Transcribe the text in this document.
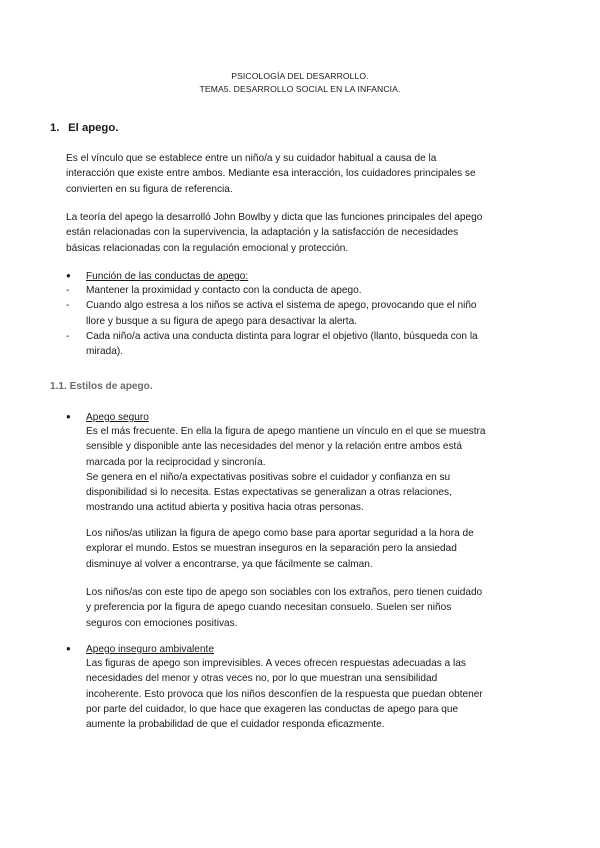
PSICOLOGÍA DEL DESARROLLO.
TEMA5. DESARROLLO SOCIAL EN LA INFANCIA.
1. El apego.
Es el vínculo que se establece entre un niño/a y su cuidador habitual a causa de la
interacción que existe entre ambos. Mediante esa interacción, los cuidadores principales se
convierten en su figura de referencia.
La teoría del apego la desarrolló John Bowlby y dicta que las funciones principales del apego
están relacionadas con la supervivencia, la adaptación y la satisfacción de necesidades
básicas relacionadas con la regulación emocional y protección.
● Función de las conductas de apego:
- Mantener la proximidad y contacto con la conducta de apego.
- Cuando algo estresa a los niños se activa el sistema de apego, provocando que el niño
llore y busque a su figura de apego para desactivar la alerta.
- Cada niño/a activa una conducta distinta para lograr el objetivo (llanto, búsqueda con la
mirada).
1.1. Estilos de apego.
● Apego seguro
Es el más frecuente. En ella la figura de apego mantiene un vínculo en el que se muestra
sensible y disponible ante las necesidades del menor y la relación entre ambos está
marcada por la reciprocidad y sincronía.
Se genera en el niño/a expectativas positivas sobre el cuidador y confianza en su
disponibilidad si lo necesita. Estas expectativas se generalizan a otras relaciones,
mostrando una actitud abierta y positiva hacia otras personas.
Los niños/as utilizan la figura de apego como base para aportar seguridad a la hora de
explorar el mundo. Estos se muestran inseguros en la separación pero la ansiedad
disminuye al volver a encontrarse, ya que fácilmente se calman.
Los niños/as con este tipo de apego son sociables con los extraños, pero tienen cuidado
y preferencia por la figura de apego cuando necesitan consuelo. Suelen ser niños
seguros con emociones positivas.
● Apego inseguro ambivalente
Las figuras de apego son imprevisibles. A veces ofrecen respuestas adecuadas a las
necesidades del menor y otras veces no, por lo que muestran una sensibilidad
incoherente. Esto provoca que los niños desconfíen de la respuesta que puedan obtener
por parte del cuidador, lo que hace que exageren las conductas de apego para que
aumente la probabilidad de que el cuidador responda eficazmente.
